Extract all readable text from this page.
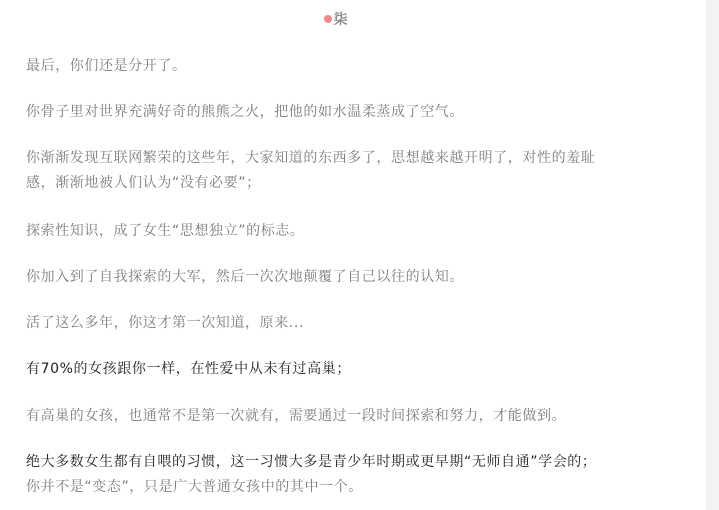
柒

最后，你们还是分开了。

你骨子里对世界充满好奇的熊熊之火，把他的如水温柔蒸成了空气。

你渐渐发现互联网繁荣的这些年，大家知道的东西多了，思想越来越开明了，对性的羞耻
感，渐渐地被人们认为“没有必要”；

探索性知识，成了女生“思想独立”的标志。

你加入到了自我探索的大军，然后一次次地颠覆了自己以往的认知。

活了这么多年，你这才第一次知道，原来...

有70%的女孩跟你一样，在性爱中从未有过高巢；

有高巢的女孩，也通常不是第一次就有，需要通过一段时间探索和努力，才能做到。

绝大多数女生都有自喂的习惯，这一习惯大多是青少年时期或更早期“无师自通”学会的；
你并不是“变态”，只是广大普通女孩中的其中一个。
